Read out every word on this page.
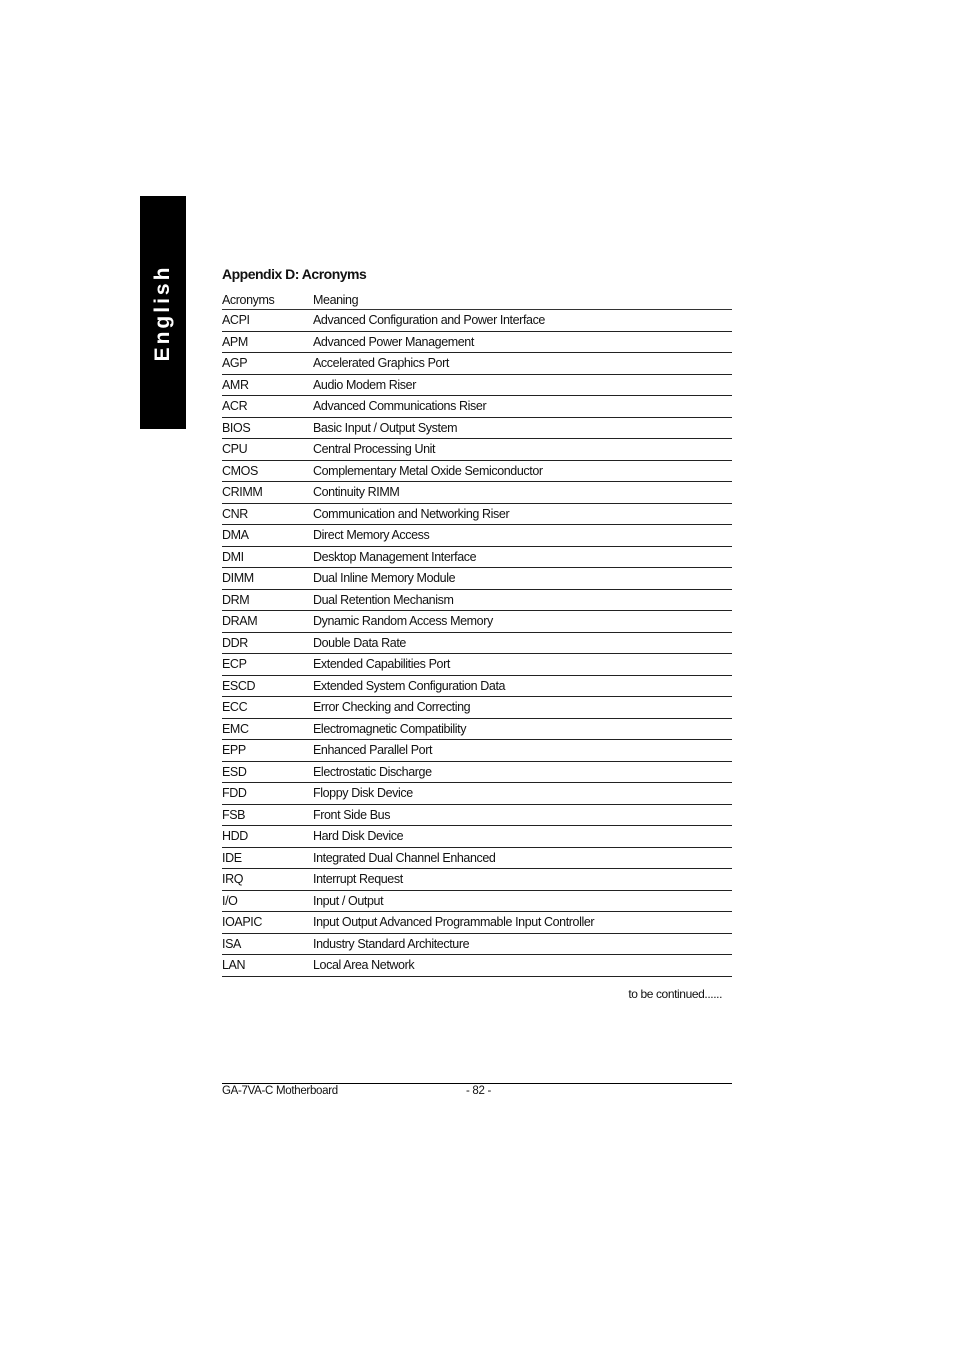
English	Appendix D: Acronyms
Acronyms	Meaning
ACPI	Advanced Configuration and Power Interface
APM	Advanced Power Management
AGP	Accelerated Graphics Port
AMR	Audio Modem Riser
ACR	Advanced Communications Riser
BIOS	Basic Input / Output System
CPU	Central Processing Unit
CMOS	Complementary Metal Oxide Semiconductor
CRIMM	Continuity RIMM
CNR	Communication and Networking Riser
DMA	Direct Memory Access
DMI	Desktop Management Interface
DIMM	Dual Inline Memory Module
DRM	Dual Retention Mechanism
DRAM	Dynamic Random Access Memory
DDR	Double Data Rate
ECP	Extended Capabilities Port
ESCD	Extended System Configuration Data
ECC	Error Checking and Correcting
EMC	Electromagnetic Compatibility
EPP	Enhanced Parallel Port
ESD	Electrostatic Discharge
FDD	Floppy Disk Device
FSB	Front Side Bus
HDD	Hard Disk Device
IDE	Integrated Dual Channel Enhanced
IRQ	Interrupt Request
I/O	Input / Output
IOAPIC	Input Output Advanced Programmable Input Controller
ISA	Industry Standard Architecture
LAN	Local Area Network
to be continued......
GA-7VA-C Motherboard	- 82 -
